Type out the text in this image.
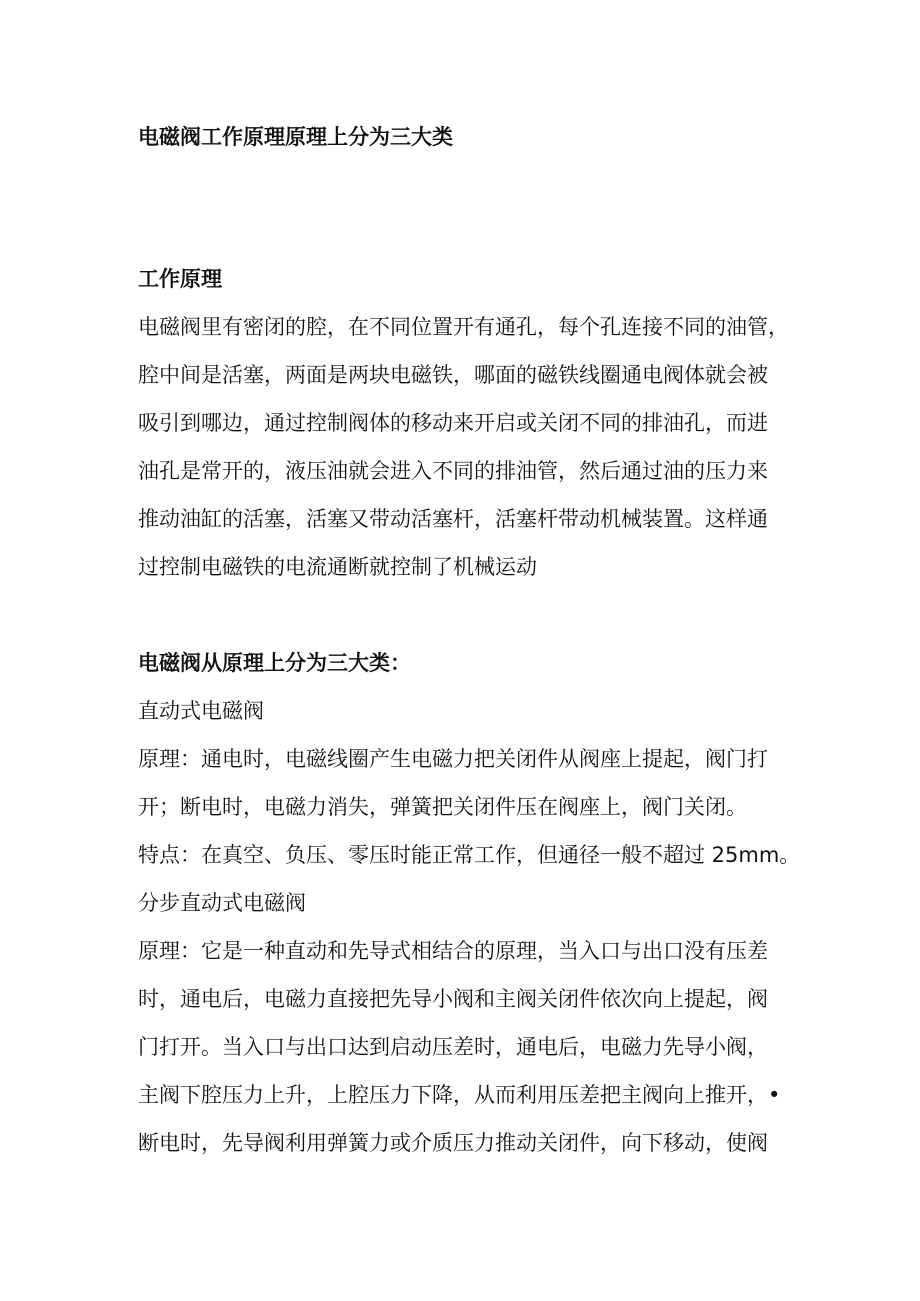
电磁阀工作原理原理上分为三大类
工作原理
电磁阀里有密闭的腔，在不同位置开有通孔，每个孔连接不同的油管，
腔中间是活塞，两面是两块电磁铁，哪面的磁铁线圈通电阀体就会被
吸引到哪边，通过控制阀体的移动来开启或关闭不同的排油孔，而进
油孔是常开的，液压油就会进入不同的排油管，然后通过油的压力来
推动油缸的活塞，活塞又带动活塞杆，活塞杆带动机械装置。这样通
过控制电磁铁的电流通断就控制了机械运动
电磁阀从原理上分为三大类：
直动式电磁阀
原理：通电时，电磁线圈产生电磁力把关闭件从阀座上提起，阀门打
开；断电时，电磁力消失，弹簧把关闭件压在阀座上，阀门关闭。
特点：在真空、负压、零压时能正常工作，但通径一般不超过 25mm。
分步直动式电磁阀
原理：它是一种直动和先导式相结合的原理，当入口与出口没有压差
时，通电后，电磁力直接把先导小阀和主阀关闭件依次向上提起，阀
门打开。当入口与出口达到启动压差时，通电后，电磁力先导小阀，
主阀下腔压力上升，上腔压力下降，从而利用压差把主阀向上推开，•
断电时，先导阀利用弹簧力或介质压力推动关闭件，向下移动，使阀
